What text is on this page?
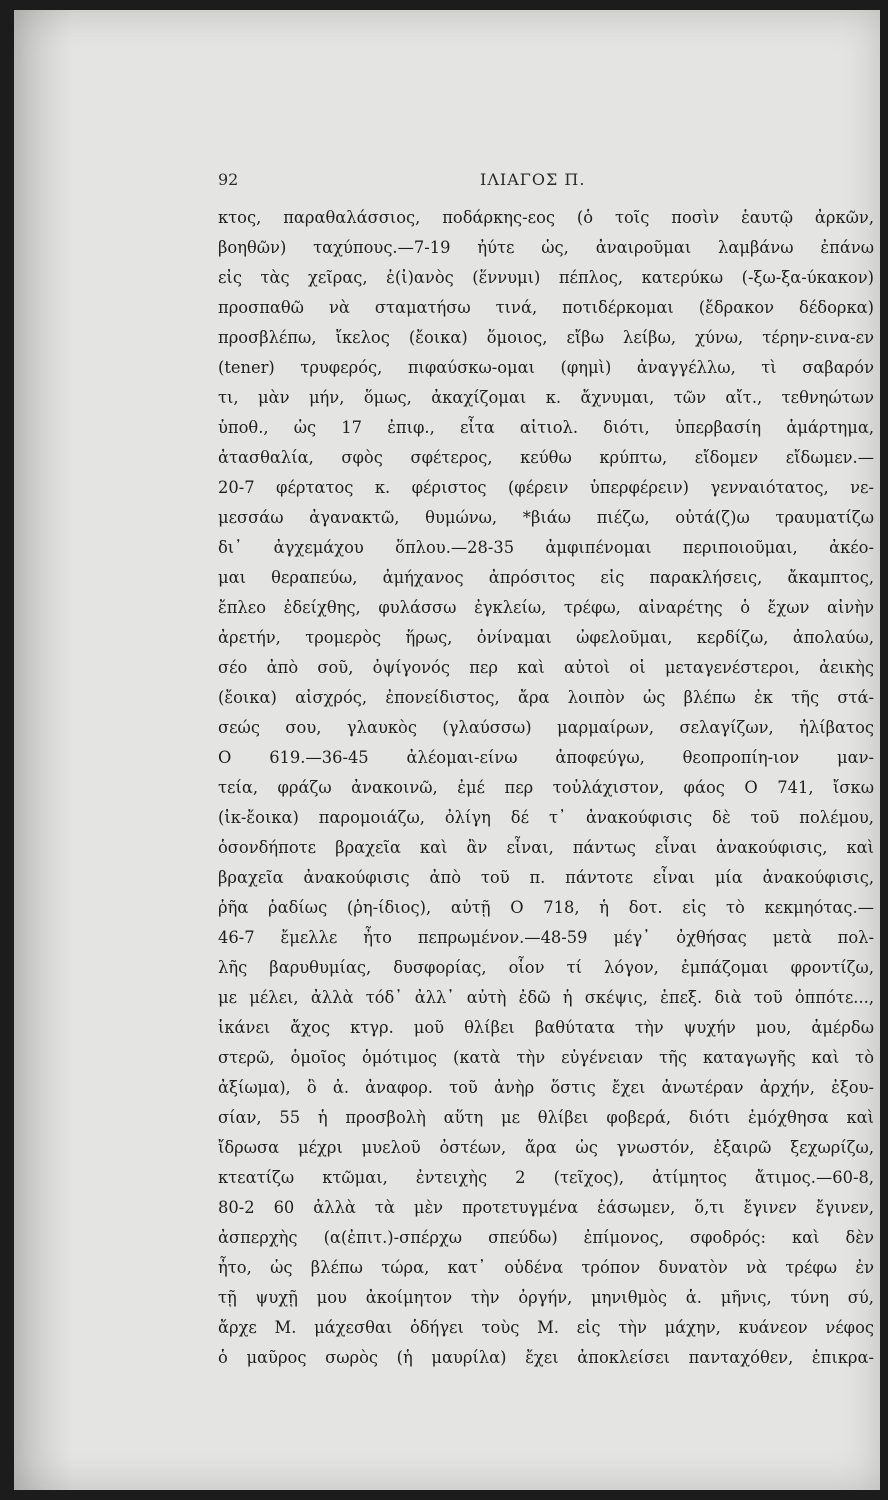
92	ΙΛΙΑΓΟΣ Π.
κτος, παραθαλάσσιος, ποδάρκης-εος (ὁ τοῖς ποσὶν ἑαυτῷ ἀρκῶν,
βοηθῶν) ταχύπους.—7-19 ἠύτε ὡς, ἀναιροῦμαι λαμβάνω ἐπάνω
εἰς τὰς χεῖρας, ἑ(ἰ)ανὸς (ἕννυμι) πέπλος, κατερύκω (-ξω-ξα-ύκακον)
προσπαθῶ νὰ σταματήσω τινά, ποτιδέρκομαι (ἔδρακον δέδορκα)
προσβλέπω, ἴκελος (ἔοικα) ὅμοιος, εἴβω λείβω, χύνω, τέρην-εινα-εν
(tener) τρυφερός, πιφαύσκω-ομαι (φημὶ) ἀναγγέλλω, τὶ σαβαρόν
τι, μὰν μήν, ὅμως, ἀκαχίζομαι κ. ἄχνυμαι, τῶν αἴτ., τεθνηώτων
ὑποθ., ὡς 17 ἐπιφ., εἶτα αἰτιολ. διότι, ὑπερβασίη ἁμάρτημα,
ἀτασθαλία, σφὸς σφέτερος, κεύθω κρύπτω, εἴδομεν εἴδωμεν.—
20-7 φέρτατος κ. φέριστος (φέρειν ὑπερφέρειν) γενναιότατος, νε-
μεσσάω ἀγανακτῶ, θυμώνω, *βιάω πιέζω, οὐτά(ζ)ω τραυματίζω
δι᾽ ἀγχεμάχου ὅπλου.—28-35 ἀμφιπένομαι περιποιοῦμαι, ἀκέο-
μαι θεραπεύω, ἀμήχανος ἀπρόσιτος εἰς παρακλήσεις, ἄκαμπτος,
ἔπλεο ἐδείχθης, φυλάσσω ἐγκλείω, τρέφω, αἰναρέτης ὁ ἔχων αἰνὴν
ἀρετήν, τρομερὸς ἥρως, ὀνίναμαι ὠφελοῦμαι, κερδίζω, ἀπολαύω,
σέο ἀπὸ σοῦ, ὀψίγονός περ καὶ αὐτοὶ οἱ μεταγενέστεροι, ἀεικὴς
(ἔοικα) αἰσχρός, ἐπονείδιστος, ἄρα λοιπὸν ὡς βλέπω ἐκ τῆς στά-
σεώς σου, γλαυκὸς (γλαύσσω) μαρμαίρων, σελαγίζων, ἠλίβατος
Ο 619.—36-45 ἀλέομαι-είνω ἀποφεύγω, θεοπροπίη-ιον μαν-
τεία, φράζω ἀνακοινῶ, ἐμέ περ τοὐλάχιστον, φάος Ο 741, ἴσκω
(ἰκ-ἔοικα) παρομοιάζω, ὀλίγη δέ τ᾽ ἀνακούφισις δὲ τοῦ πολέμου,
ὁσονδήποτε βραχεῖα καὶ ἂν εἶναι, πάντως εἶναι ἀνακούφισις, καὶ
βραχεῖα ἀνακούφισις ἀπὸ τοῦ π. πάντοτε εἶναι μία ἀνακούφισις,
ῥῆα ῥαδίως (ῥη-ίδιος), αὐτῇ Ο 718, ἡ δοτ. εἰς τὸ κεκμηότας.—
46-7 ἔμελλε ἦτο πεπρωμένον.—48-59 μέγ᾽ ὀχθήσας μετὰ πολ-
λῆς βαρυθυμίας, δυσφορίας, οἷον τί λόγον, ἐμπάζομαι φροντίζω,
με μέλει, ἀλλὰ τόδ᾽ ἀλλ᾽ αὐτὴ ἐδῶ ἡ σκέψις, ἐπεξ. διὰ τοῦ ὁππότε...,
ἱκάνει ἄχος κτγρ. μοῦ θλίβει βαθύτατα τὴν ψυχήν μου, ἀμέρδω
στερῶ, ὁμοῖος ὁμότιμος (κατὰ τὴν εὐγένειαν τῆς καταγωγῆς καὶ τὸ
ἀξίωμα), ὃ ἀ. ἀναφορ. τοῦ ἀνὴρ ὅστις ἔχει ἀνωτέραν ἀρχήν, ἐξου-
σίαν, 55 ἡ προσβολὴ αὕτη με θλίβει φοβερά, διότι ἐμόχθησα καὶ
ἴδρωσα μέχρι μυελοῦ ὀστέων, ἄρα ὡς γνωστόν, ἐξαιρῶ ξεχωρίζω,
κτεατίζω κτῶμαι, ἐντειχὴς 2 (τεῖχος), ἀτίμητος ἄτιμος.—60-8,
80-2 60 ἀλλὰ τὰ μὲν προτετυγμένα ἐάσωμεν, ὅ,τι ἔγινεν ἔγινεν,
ἀσπερχὴς (α(ἐπιτ.)-σπέρχω σπεύδω) ἐπίμονος, σφοδρός: καὶ δὲν
ἦτο, ὡς βλέπω τώρα, κατ᾽ οὐδένα τρόπον δυνατὸν νὰ τρέφω ἐν
τῇ ψυχῇ μου ἀκοίμητον τὴν ὀργήν, μηνιθμὸς ἁ. μῆνις, τύνη σύ,
ἄρχε Μ. μάχεσθαι ὁδήγει τοὺς Μ. εἰς τὴν μάχην, κυάνεον νέφος
ὁ μαῦρος σωρὸς (ἡ μαυρίλα) ἔχει ἀποκλείσει πανταχόθεν, ἐπικρα-
